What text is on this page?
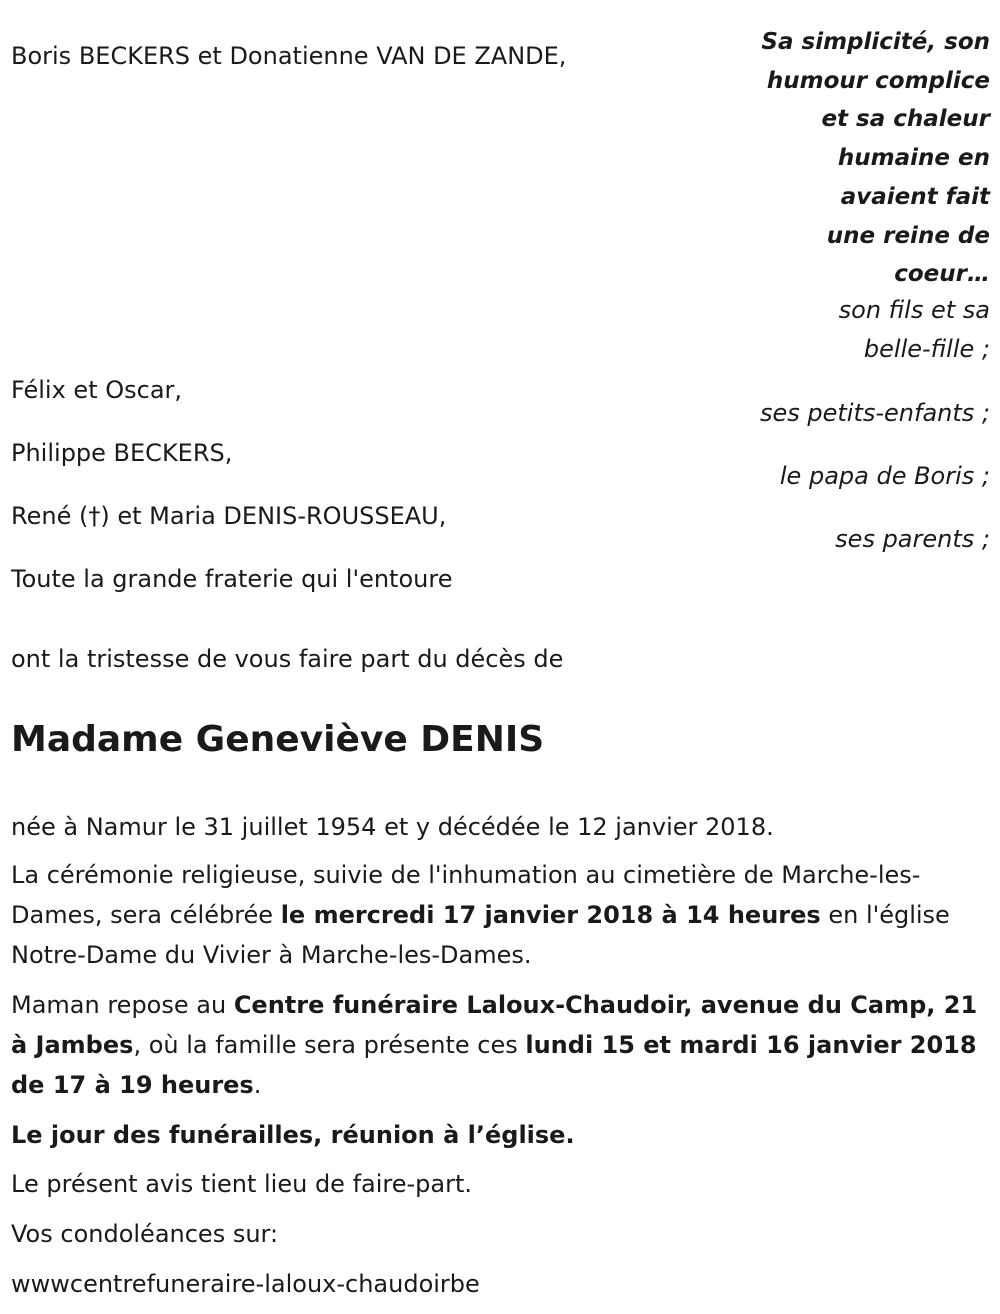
Boris BECKERS et Donatienne VAN DE ZANDE,	Sa simplicité, son
humour complice
et sa chaleur
humaine en
avaient fait
une reine de
coeur…
son fils et sa
belle-fille ;
Félix et Oscar,
ses petits-enfants ;
Philippe BECKERS,
le papa de Boris ;
René (†) et Maria DENIS-ROUSSEAU,
ses parents ;
Toute la grande fraterie qui l'entoure
ont la tristesse de vous faire part du décès de
Madame Geneviève DENIS
née à Namur le 31 juillet 1954 et y décédée le 12 janvier 2018.
La cérémonie religieuse, suivie de l'inhumation au cimetière de Marche-les-Dames, sera célébrée le mercredi 17 janvier 2018 à 14 heures en l'église Notre-Dame du Vivier à Marche-les-Dames.
Maman repose au Centre funéraire Laloux-Chaudoir, avenue du Camp, 21 à Jambes, où la famille sera présente ces lundi 15 et mardi 16 janvier 2018 de 17 à 19 heures.
Le jour des funérailles, réunion à l’église.
Le présent avis tient lieu de faire-part.
Vos condoléances sur:
wwwcentrefuneraire-laloux-chaudoirbe
